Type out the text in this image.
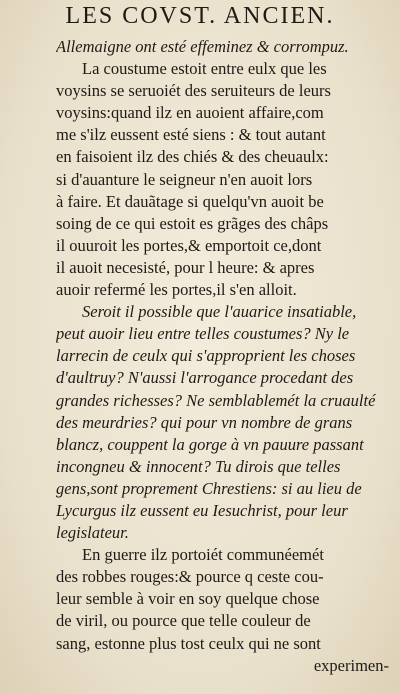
LES COVST. ANCIEN.
Allemaigne ont esté effeminez & corrompuz.
La coustume estoit entre eulx que les
voysins se seruoiét des seruiteurs de leurs
voysins:quand ilz en auoient affaire,com
me s'ilz eussent esté siens : & tout autant
en faisoient ilz des chiés & des cheuaulx:
si d'auanture le seigneur n'en auoit lors
à faire. Et dauãtage si quelqu'vn auoit be
soing de ce qui estoit es grãges des châps
il ouuroit les portes,& emportoit ce,dont
il auoit necesisté, pour l heure: & apres
auoir refermé les portes,il s'en alloit.
Seroit il possible que l'auarice insatiable,
peut auoir lieu entre telles coustumes? Ny le
larrecin de ceulx qui s'approprient les choses
d'aultruy? N'aussi l'arrogance procedant des
grandes richesses? Ne semblablemét la cruaulté
des meurdries? qui pour vn nombre de grans
blancz, couppent la gorge à vn pauure passant
incongneu & innocent? Tu dirois que telles
gens,sont proprement Chrestiens: si au lieu de
Lycurgus ilz eussent eu Iesuchrist, pour leur
legislateur.
En guerre ilz portoiét communéemét
des robbes rouges:& pource q ceste cou-
leur semble à voir en soy quelque chose
de viril, ou pource que telle couleur de
sang, estonne plus tost ceulx qui ne sont
experimen-
